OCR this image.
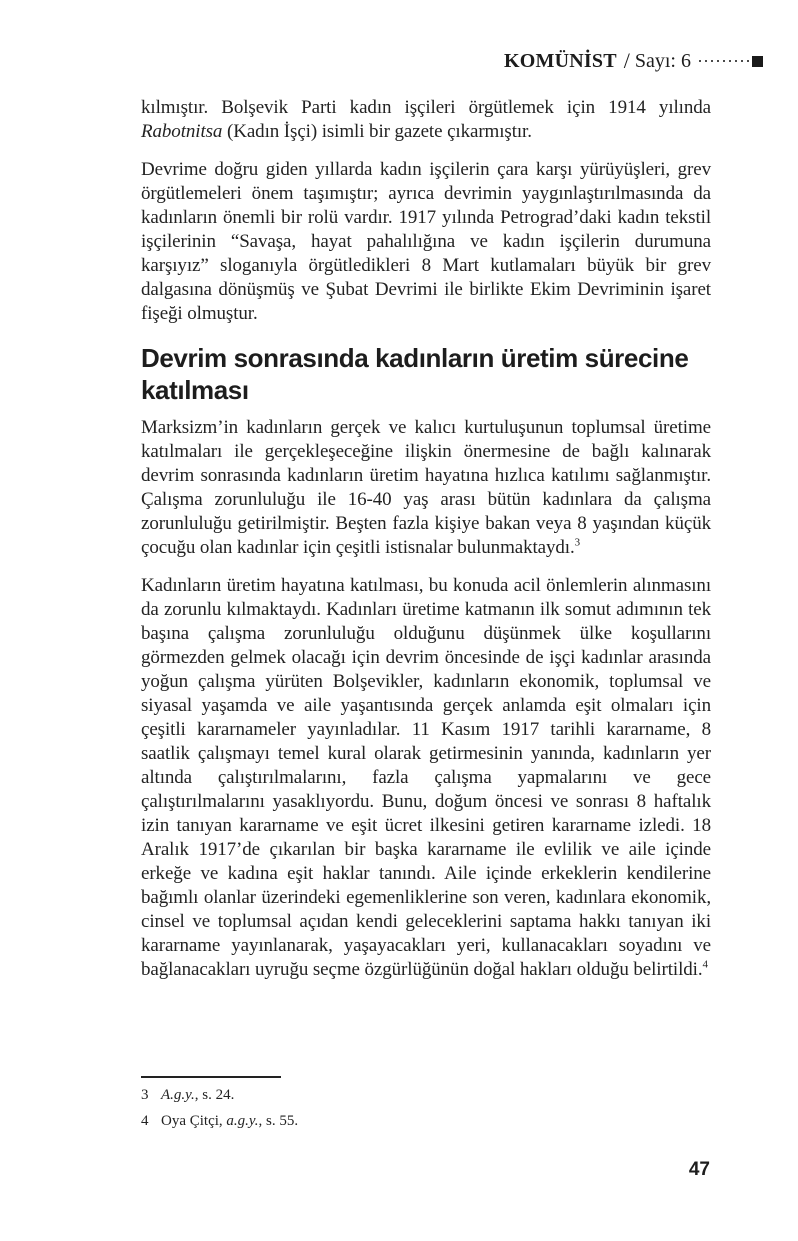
KOMÜNİST / Sayı: 6

kılmıştır. Bolşevik Parti kadın işçileri örgütlemek için 1914 yılında Rabotnitsa (Kadın İşçi) isimli bir gazete çıkarmıştır.

Devrime doğru giden yıllarda kadın işçilerin çara karşı yürüyüşleri, grev örgütlemeleri önem taşımıştır; ayrıca devrimin yaygınlaştırılmasında da kadınların önemli bir rolü vardır. 1917 yılında Petrograd’daki kadın tekstil işçilerinin “Savaşa, hayat pahalılığına ve kadın işçilerin durumuna karşıyız” sloganıyla örgütledikleri 8 Mart kutlamaları büyük bir grev dalgasına dönüşmüş ve Şubat Devrimi ile birlikte Ekim Devriminin işaret fişeği olmuştur.

Devrim sonrasında kadınların üretim sürecine katılması

Marksizm’in kadınların gerçek ve kalıcı kurtuluşunun toplumsal üretime katılmaları ile gerçekleşeceğine ilişkin önermesine de bağlı kalınarak devrim sonrasında kadınların üretim hayatına hızlıca katılımı sağlanmıştır. Çalışma zorunluluğu ile 16-40 yaş arası bütün kadınlara da çalışma zorunluluğu getirilmiştir. Beşten fazla kişiye bakan veya 8 yaşından küçük çocuğu olan kadınlar için çeşitli istisnalar bulunmaktaydı.$^3$

Kadınların üretim hayatına katılması, bu konuda acil önlemlerin alınmasını da zorunlu kılmaktaydı. Kadınları üretime katmanın ilk somut adımının tek başına çalışma zorunluluğu olduğunu düşünmek ülke koşullarını görmezden gelmek olacağı için devrim öncesinde de işçi kadınlar arasında yoğun çalışma yürüten Bolşevikler, kadınların ekonomik, toplumsal ve siyasal yaşamda ve aile yaşantısında gerçek anlamda eşit olmaları için çeşitli kararnameler yayınladılar. 11 Kasım 1917 tarihli kararname, 8 saatlik çalışmayı temel kural olarak getirmesinin yanında, kadınların yer altında çalıştırılmalarını, fazla çalışma yapmalarını ve gece çalıştırılmalarını yasaklıyordu. Bunu, doğum öncesi ve sonrası 8 haftalık izin tanıyan kararname ve eşit ücret ilkesini getiren kararname izledi. 18 Aralık 1917’de çıkarılan bir başka kararname ile evlilik ve aile içinde erkeğe ve kadına eşit haklar tanındı. Aile içinde erkeklerin kendilerine bağımlı olanlar üzerindeki egemenliklerine son veren, kadınlara ekonomik, cinsel ve toplumsal açıdan kendi geleceklerini saptama hakkı tanıyan iki kararname yayınlanarak, yaşayacakları yeri, kullanacakları soyadını ve bağlanacakları uyruğu seçme özgürlüğünün doğal hakları olduğu belirtildi.$^4$

3 A.g.y., s. 24.
4 Oya Çitçi, a.g.y., s. 55.
47
